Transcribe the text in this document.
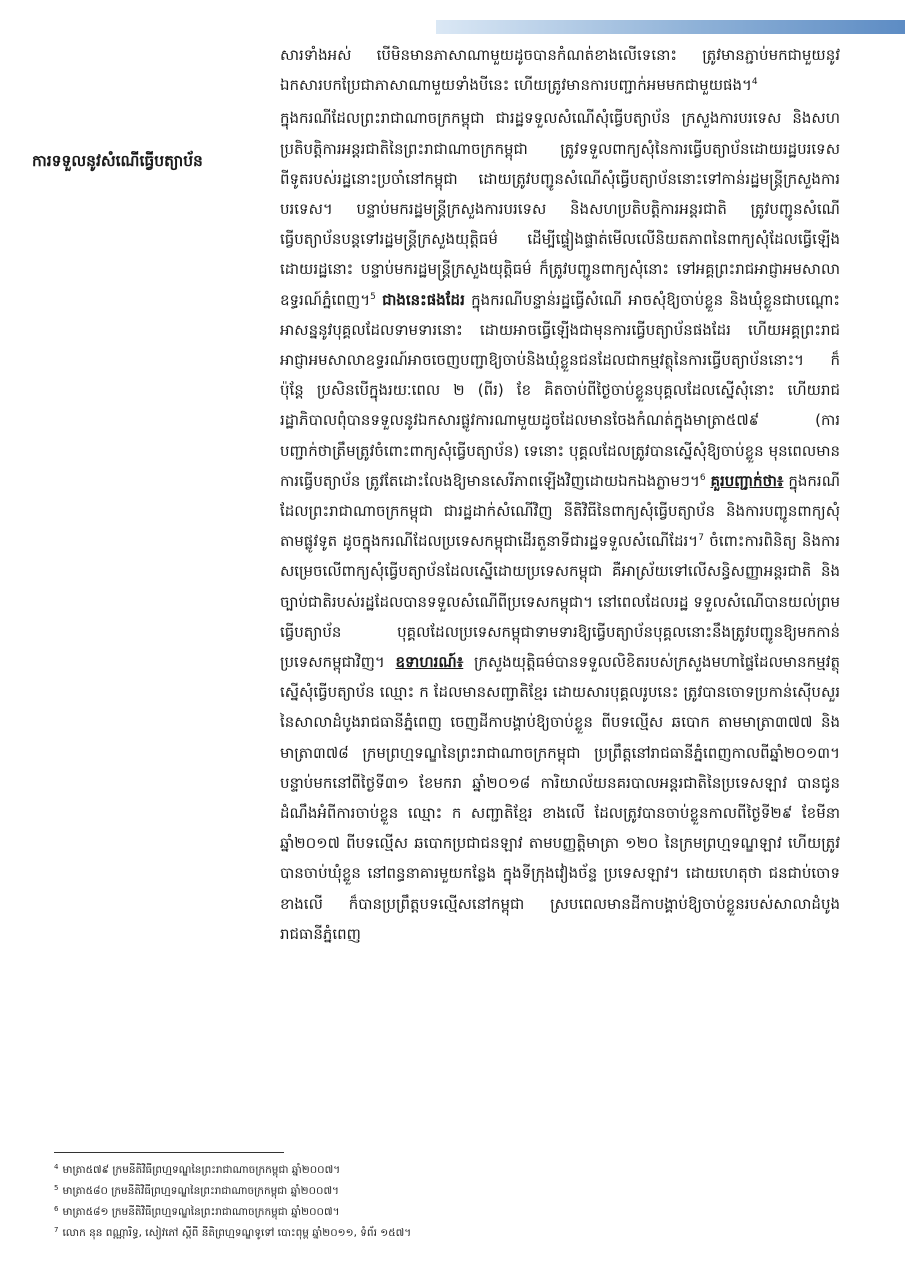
ការទទួលនូវសំណើធ្វើបត្យាប័ន

សារទាំងអស់ បើមិនមានភាសាណាមួយដូចបានកំណត់ខាងលើទេនោះ ត្រូវមានភ្ជាប់មកជាមួយនូវឯកសារបកប្រែជាភាសាណាមួយទាំងបីនេះ ហើយត្រូវមានការបញ្ជាក់អមមកជាមួយផង។$^4$

ក្នុងករណីដែលព្រះរាជាណាចក្រកម្ពុជា ជារដ្ឋទទួលសំណើសុំធ្វើបត្យាប័ន ក្រសួងការបរទេស និងសហប្រតិបត្តិការអន្តរជាតិនៃព្រះរាជាណាចក្រកម្ពុជា ត្រូវទទួលពាក្យសុំនៃការធ្វើបត្យាប័នដោយរដ្ឋបរទេស ពីទូតរបស់រដ្ឋនោះប្រចាំនៅកម្ពុជា ដោយត្រូវបញ្ជូនសំណើសុំធ្វើបត្យាប័ននោះទៅកាន់រដ្ឋមន្រ្តីក្រសួងការបរទេស។ បន្ទាប់មករដ្ឋមន្ត្រីក្រសួងការបរទេស និងសហប្រតិបត្តិការអន្តរជាតិ ត្រូវបញ្ជូនសំណើធ្វើបត្យាប័នបន្តទៅរដ្ឋមន្ត្រីក្រសួងយុត្តិធម៌ ដើម្បីផ្ទៀងផ្ទាត់មើលលើនិយតភាពនៃពាក្យសុំដែលធ្វើឡើងដោយរដ្ឋនោះ បន្ទាប់មករដ្ឋមន្ត្រីក្រសួងយុត្តិធម៌ ក៏ត្រូវបញ្ជូនពាក្យសុំនោះ ទៅអគ្គព្រះរាជអាជ្ញាអមសាលាឧទ្ធរណ៍ភ្នំពេញ។$^5$ ជាងនេះផងដែរ ក្នុងករណីបន្ទាន់រដ្ឋធ្វើសំណើ អាចសុំឱ្យចាប់ខ្លួន និងឃុំខ្លួនជាបណ្តោះអាសន្ននូវបុគ្គលដែលទាមទារនោះ ដោយអាចធ្វើឡើងជាមុនការធ្វើបត្យាប័នផងដែរ ហើយអគ្គព្រះរាជអាជ្ញាអមសាលាឧទ្ធរណ៍អាចចេញបញ្ជាឱ្យចាប់និងឃុំខ្លួនជនដែលជាកម្មវត្ថុនៃការធ្វើបត្យាប័ននោះ។ ក៏ប៉ុន្តែ ប្រសិនបើក្នុងរយៈពេល ២ (ពីរ) ខែ គិតចាប់ពីថ្ងៃចាប់ខ្លួនបុគ្គលដែលស្នើសុំនោះ ហើយរាជរដ្ឋាភិបាលពុំបានទទួលនូវឯកសារផ្លូវការណាមួយដូចដែលមានចែងកំណត់ក្នុងមាត្រា៥៧៩ (ការបញ្ជាក់ថាត្រឹមត្រូវចំពោះពាក្យសុំធ្វើបត្យាប័ន) ទេនោះ បុគ្គលដែលត្រូវបានស្នើសុំឱ្យចាប់ខ្លួន មុនពេលមានការធ្វើបត្យាប័ន ត្រូវតែដោះលែងឱ្យមានសេរីភាពឡើងវិញដោយឯកឯងភ្លាមៗ។$^6$ គួរបញ្ជាក់ថា៖ ក្នុងករណីដែលព្រះរាជាណាចក្រកម្ពុជា ជារដ្ឋដាក់សំណើវិញ នីតិវិធីនៃពាក្យសុំធ្វើបត្យាប័ន និងការបញ្ជូនពាក្យសុំតាមផ្លូវទូត ដូចក្នុងករណីដែលប្រទេសកម្ពុជាដើរតួនាទីជារដ្ឋទទួលសំណើដែរ។$^7$ ចំពោះការពិនិត្យ និងការសម្រេចលើពាក្យសុំធ្វើបត្យាប័នដែលស្នើដោយប្រទេសកម្ពុជា គឺអាស្រ័យទៅលើសន្ធិសញ្ញាអន្តរជាតិ និងច្បាប់ជាតិរបស់រដ្ឋដែលបានទទួលសំណើពីប្រទេសកម្ពុជា។ នៅពេលដែលរដ្ឋ ទទួលសំណើបានយល់ព្រមធ្វើបត្យាប័ន បុគ្គលដែលប្រទេសកម្ពុជាទាមទារឱ្យធ្វើបត្យាប័នបុគ្គលនោះនឹងត្រូវបញ្ជូនឱ្យមកកាន់ប្រទេសកម្ពុជាវិញ។ ឧទាហរណ៍៖ ក្រសួងយុត្តិធម៌បានទទួលលិខិតរបស់ក្រសួងមហាផ្ទៃដែលមានកម្មវត្ថុស្នើសុំធ្វើបត្យាប័ន ឈ្មោះ ក ដែលមានសញ្ជាតិខ្មែរ ដោយសារបុគ្គលរូបនេះ ត្រូវបានចោទប្រកាន់ស៊ើបសួរនៃសាលាដំបូងរាជធានីភ្នំពេញ ចេញដីកាបង្គាប់ឱ្យចាប់ខ្លួន ពីបទល្មើស ឆបោក តាមមាត្រា៣៧៧ និងមាត្រា៣៧៨ ក្រមព្រហ្មទណ្ឌនៃព្រះរាជាណាចក្រកម្ពុជា ប្រព្រឹត្តនៅរាជធានីភ្នំពេញកាលពីឆ្នាំ២០១៣។ បន្ទាប់មកនៅពីថ្ងៃទី៣១ ខែមករា ឆ្នាំ២០១៨ ការិយាល័យនគរបាលអន្តរជាតិនៃប្រទេសឡាវ បានជូនដំណឹងអំពីការចាប់ខ្លួន ឈ្មោះ ក សញ្ជាតិខ្មែរ ខាងលើ ដែលត្រូវបានចាប់ខ្លួនកាលពីថ្ងៃទី២៩ ខែមីនា ឆ្នាំ២០១៧ ពីបទល្មើស ឆបោកប្រជាជនឡាវ តាមបញ្ញត្តិមាត្រា ១២០ នៃក្រមព្រហ្មទណ្ឌឡាវ ហើយត្រូវបានចាប់ឃុំខ្លួន នៅពន្ធនាគារមួយកន្លែង ក្នុងទីក្រុងវៀងច័ន្ទ ប្រទេសឡាវ។ ដោយហេតុថា ជនជាប់ចោទខាងលើ ក៏បានប្រព្រឹត្តបទល្មើសនៅកម្ពុជា ស្របពេលមានដីកាបង្គាប់ឱ្យចាប់ខ្លួនរបស់សាលាដំបូងរាជធានីភ្នំពេញ

$^4$ មាត្រា៥៧៩ ក្រមនីតិវិធីព្រហ្មទណ្ឌនៃព្រះរាជាណាចក្រកម្ពុជា ឆ្នាំ២០០៧។
$^5$ មាត្រា៥៨០ ក្រមនីតិវិធីព្រហ្មទណ្ឌនៃព្រះរាជាណាចក្រកម្ពុជា ឆ្នាំ២០០៧។
$^6$ មាត្រា៥៨១ ក្រមនីតិវិធីព្រហ្មទណ្ឌនៃព្រះរាជាណាចក្រកម្ពុជា ឆ្នាំ២០០៧។
$^7$ លោក នុន ពណ្ណារិទ្ធ, សៀវភៅ ស្តីពី នីតិព្រហ្មទណ្ឌទូទៅ បោះពុម្ព ឆ្នាំ២០១១, ទំព័រ ១៥៧។
